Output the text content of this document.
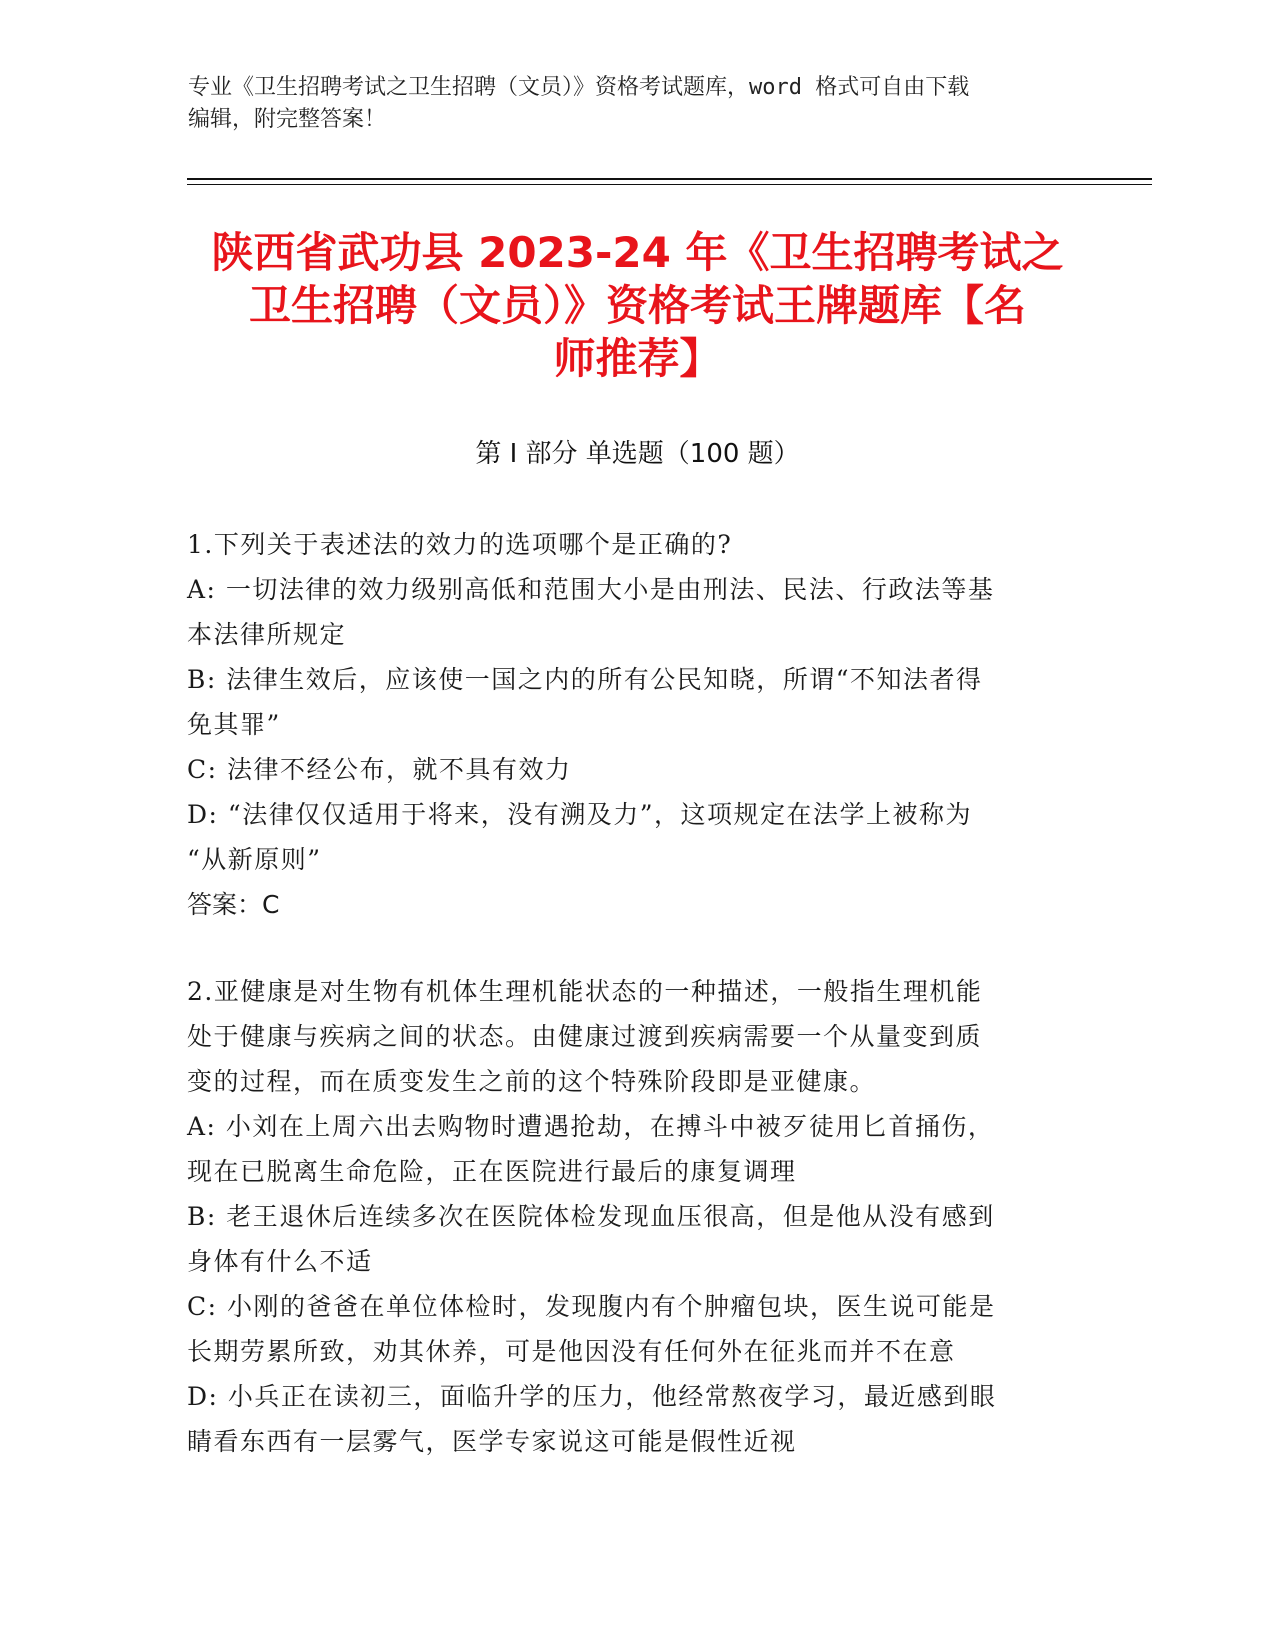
专业《卫生招聘考试之卫生招聘（文员）》资格考试题库，word 格式可自由下载
编辑，附完整答案！
陕西省武功县 2023-24 年《卫生招聘考试之
卫生招聘（文员）》资格考试王牌题库【名
师推荐】
第 I 部分 单选题（100 题）
1.下列关于表述法的效力的选项哪个是正确的?
A: 一切法律的效力级别高低和范围大小是由刑法、民法、行政法等基
本法律所规定
B: 法律生效后，应该使一国之内的所有公民知晓，所谓“不知法者得
免其罪”
C: 法律不经公布，就不具有效力
D: “法律仅仅适用于将来，没有溯及力”，这项规定在法学上被称为
“从新原则”
答案：C
2.亚健康是对生物有机体生理机能状态的一种描述，一般指生理机能
处于健康与疾病之间的状态。由健康过渡到疾病需要一个从量变到质
变的过程，而在质变发生之前的这个特殊阶段即是亚健康。
A: 小刘在上周六出去购物时遭遇抢劫，在搏斗中被歹徒用匕首捅伤，
现在已脱离生命危险，正在医院进行最后的康复调理
B: 老王退休后连续多次在医院体检发现血压很高，但是他从没有感到
身体有什么不适
C: 小刚的爸爸在单位体检时，发现腹内有个肿瘤包块，医生说可能是
长期劳累所致，劝其休养，可是他因没有任何外在征兆而并不在意
D: 小兵正在读初三，面临升学的压力，他经常熬夜学习，最近感到眼
睛看东西有一层雾气，医学专家说这可能是假性近视
